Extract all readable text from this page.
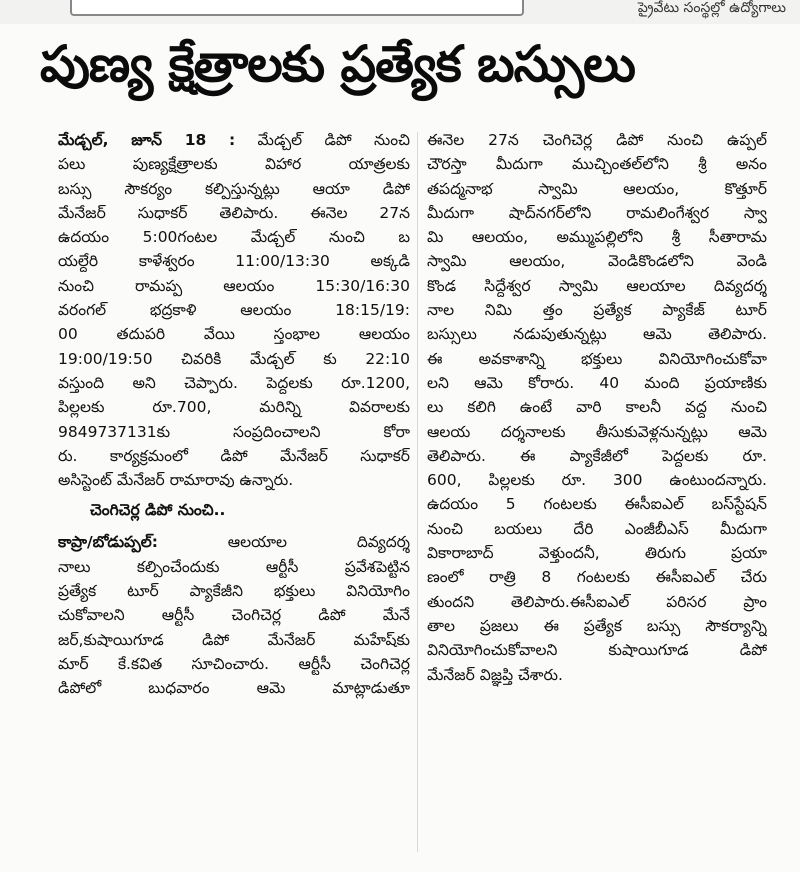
ప్రైవేటు సంస్థల్లో ఉద్యోగాలు
పుణ్య క్షేత్రాలకు ప్రత్యేక బస్సులు
మేడ్చల్, జూన్ 18 : మేడ్చల్ డిపో నుంచి
పలు పుణ్యక్షేత్రాలకు విహార యాత్రలకు
బస్సు సౌకర్యం కల్పిస్తున్నట్లు ఆయా డిపో
మేనేజర్ సుధాకర్ తెలిపారు. ఈనెల 27న
ఉదయం 5:00గంటల మేడ్చల్ నుంచి బ
యల్దేరి కాళేశ్వరం 11:00/13:30 అక్కడి
నుంచి రామప్ప ఆలయం 15:30/16:30
వరంగల్ భద్రకాళి ఆలయం 18:15/19:
00 తదుపరి వేయి స్తంభాల ఆలయం
19:00/19:50 చివరికి మేడ్చల్ కు 22:10
వస్తుంది అని చెప్పారు. పెద్దలకు రూ.1200,
పిల్లలకు రూ.700, మరిన్ని వివరాలకు
9849737131కు సంప్రదించాలని కోరా
రు. కార్యక్రమంలో డిపో మేనేజర్ సుధాకర్
అసిస్టెంట్ మేనేజర్ రామారావు ఉన్నారు.
చెంగిచెర్ల డిపో నుంచి..
కాప్రా/బోడుప్పల్:	ఆలయాల దివ్యదర్శ
నాలు కల్పించేందుకు ఆర్టీసీ ప్రవేశపెట్టిన
ప్రత్యేక టూర్ ప్యాకేజీని భక్తులు వినియోగిం
చుకోవాలని ఆర్టీసీ చెంగిచెర్ల డిపో మేనే
జర్,కుషాయిగూడ డిపో మేనేజర్ మహేష్‌కు
మార్ కే.కవిత సూచించారు. ఆర్టీసీ చెంగిచెర్ల
డిపోలో బుధవారం ఆమె మాట్లాడుతూ
ఈనెల 27న చెంగిచెర్ల డిపో నుంచి ఉప్పల్
చౌరస్తా మీదుగా ముచ్చింతల్‌లోని శ్రీ అనం
తపద్మనాభ స్వామి ఆలయం, కొత్తూర్
మీదుగా షాద్‌నగర్‌లోని రామలింగేశ్వర స్వా
మి ఆలయం, అమ్ముపల్లిలోని శ్రీ సీతారామ
స్వామి ఆలయం, వెండికొండలోని వెండి
కొండ సిద్దేశ్వర స్వామి ఆలయాల దివ్యదర్శ
నాల నిమి త్తం ప్రత్యేక ప్యాకేజ్ టూర్
బస్సులు నడుపుతున్నట్లు ఆమె తెలిపారు.
ఈ అవకాశాన్ని భక్తులు వినియోగించుకోవా
లని ఆమె కోరారు. 40 మంది ప్రయాణికు
లు కలిగి ఉంటే వారి కాలనీ వద్ద నుంచి
ఆలయ దర్శనాలకు తీసుకువెళ్లనున్నట్లు ఆమె
తెలిపారు. ఈ ప్యాకేజీలో పెద్దలకు రూ.
600, పిల్లలకు రూ. 300 ఉంటుందన్నారు.
ఉదయం 5 గంటలకు ఈసీఐఎల్ బస్‌స్టేషన్
నుంచి బయలు దేరి ఎంజీబీఎస్ మీదుగా
వికారాబాద్ వెళ్తుందనీ, తిరుగు ప్రయా
ణంలో రాత్రి 8 గంటలకు ఈసీఐఎల్ చేరు
తుందని తెలిపారు.ఈసీఐఎల్ పరిసర ప్రాం
తాల ప్రజలు ఈ ప్రత్యేక బస్సు సౌకర్యాన్ని
వినియోగించుకోవాలని కుషాయిగూడ డిపో
మేనేజర్ విజ్ఞప్తి చేశారు.
